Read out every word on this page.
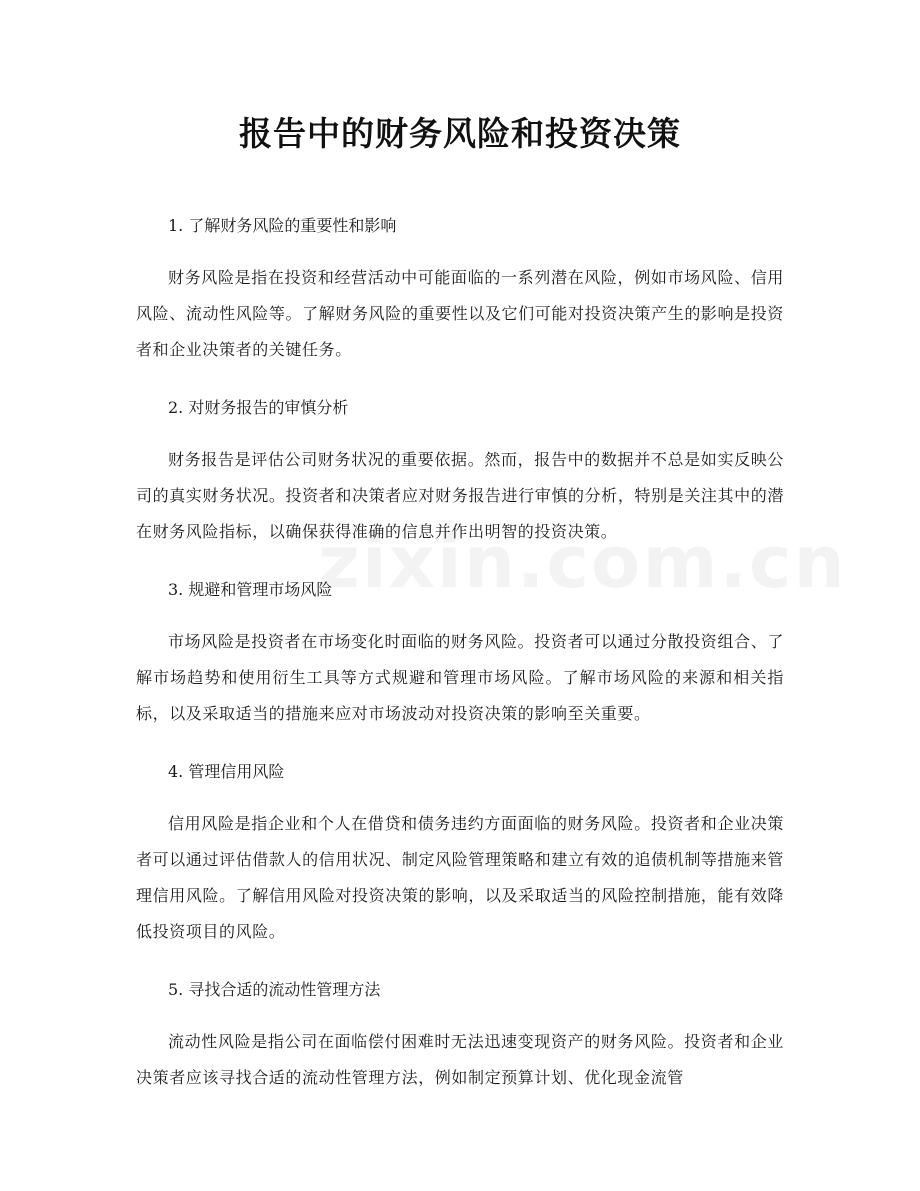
报告中的财务风险和投资决策
1. 了解财务风险的重要性和影响

财务风险是指在投资和经营活动中可能面临的一系列潜在风险，例如市场风险、信用风险、流动性风险等。了解财务风险的重要性以及它们可能对投资决策产生的影响是投资者和企业决策者的关键任务。

2. 对财务报告的审慎分析

财务报告是评估公司财务状况的重要依据。然而，报告中的数据并不总是如实反映公司的真实财务状况。投资者和决策者应对财务报告进行审慎的分析，特别是关注其中的潜在财务风险指标，以确保获得准确的信息并作出明智的投资决策。

3. 规避和管理市场风险

市场风险是投资者在市场变化时面临的财务风险。投资者可以通过分散投资组合、了解市场趋势和使用衍生工具等方式规避和管理市场风险。了解市场风险的来源和相关指标，以及采取适当的措施来应对市场波动对投资决策的影响至关重要。

4. 管理信用风险

信用风险是指企业和个人在借贷和债务违约方面面临的财务风险。投资者和企业决策者可以通过评估借款人的信用状况、制定风险管理策略和建立有效的追债机制等措施来管理信用风险。了解信用风险对投资决策的影响，以及采取适当的风险控制措施，能有效降低投资项目的风险。

5. 寻找合适的流动性管理方法

流动性风险是指公司在面临偿付困难时无法迅速变现资产的财务风险。投资者和企业决策者应该寻找合适的流动性管理方法，例如制定预算计划、优化现金流管
